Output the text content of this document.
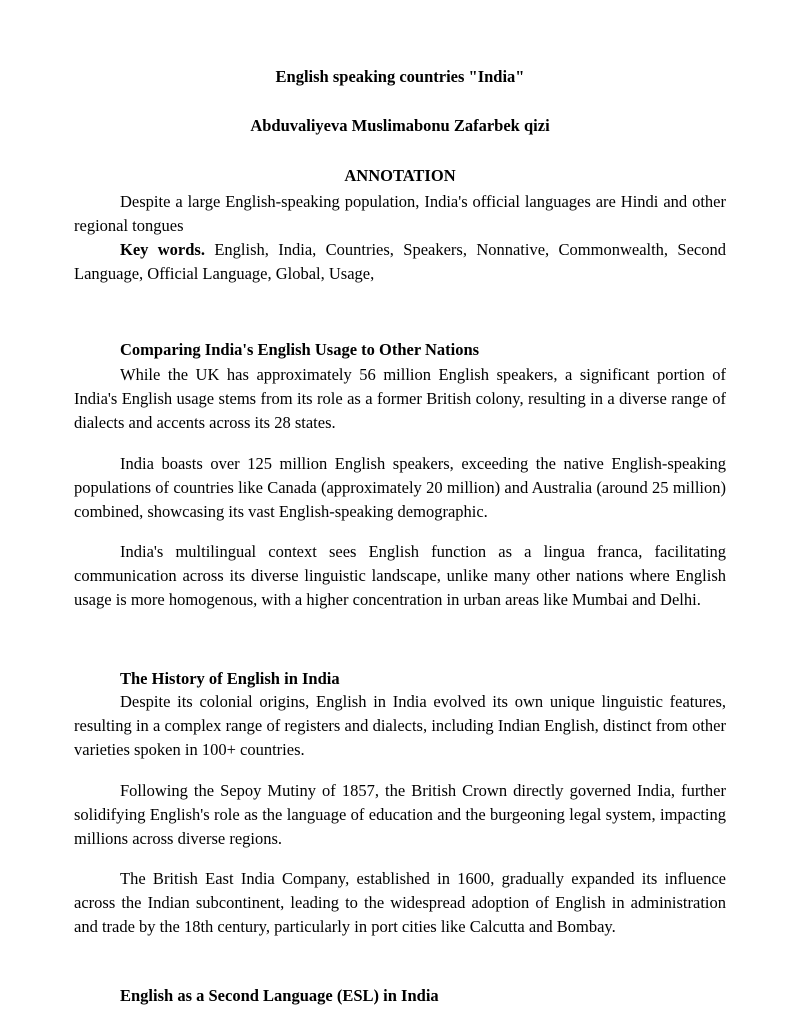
English speaking countries "India"
Abduvaliyeva Muslimabonu Zafarbek qizi
ANNOTATION
Despite a large English-speaking population, India's official languages are Hindi and other regional tongues
Key words. English, India, Countries, Speakers, Nonnative, Commonwealth, Second Language, Official Language, Global, Usage,
Comparing India's English Usage to Other Nations
While the UK has approximately 56 million English speakers, a significant portion of India's English usage stems from its role as a former British colony, resulting in a diverse range of dialects and accents across its 28 states.
India boasts over 125 million English speakers, exceeding the native English-speaking populations of countries like Canada (approximately 20 million) and Australia (around 25 million) combined, showcasing its vast English-speaking demographic.
India's multilingual context sees English function as a lingua franca, facilitating communication across its diverse linguistic landscape, unlike many other nations where English usage is more homogenous, with a higher concentration in urban areas like Mumbai and Delhi.
The History of English in India
Despite its colonial origins, English in India evolved its own unique linguistic features, resulting in a complex range of registers and dialects, including Indian English, distinct from other varieties spoken in 100+ countries.
Following the Sepoy Mutiny of 1857, the British Crown directly governed India, further solidifying English's role as the language of education and the burgeoning legal system, impacting millions across diverse regions.
The British East India Company, established in 1600, gradually expanded its influence across the Indian subcontinent, leading to the widespread adoption of English in administration and trade by the 18th century, particularly in port cities like Calcutta and Bombay.
English as a Second Language (ESL) in India
